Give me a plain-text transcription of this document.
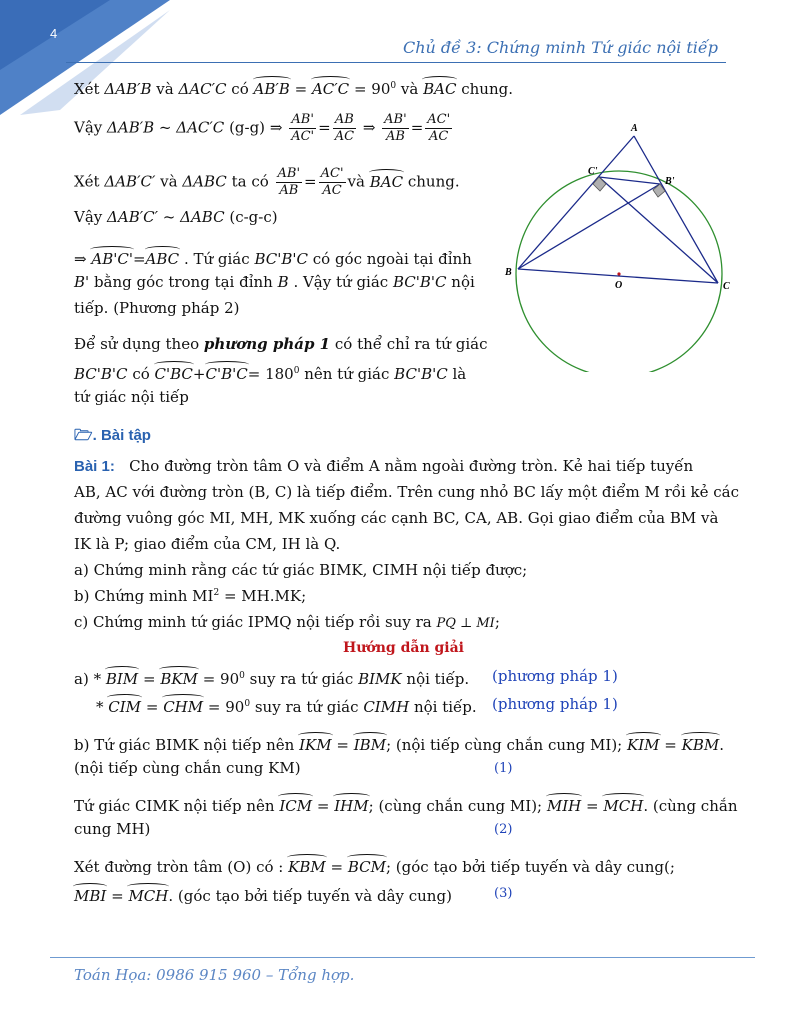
4
Chủ đề 3: Chứng minh Tứ giác nội tiếp
Xét ΔAB′B và ΔAC′C có $AB'B = AC'C = 90^0$ và BAC chung.
Vậy ΔAB′B ~ ΔAC′C (g-g) ⇒ $\frac{AB'}{AC'} = \frac{AB}{AC}$ ⇒ $\frac{AB'}{AB} = \frac{AC'}{AC}$
Xét ΔAB′C′ và ΔABC ta có $\frac{AB'}{AB} = \frac{AC'}{AC}$ và BAC chung.
Vậy ΔAB′C′ ~ ΔABC (c-g-c)
⇒ AB'C'=ABC . Tứ giác BC'B'C có góc ngoài tại đỉnh
B' bằng góc trong tại đỉnh B . Vậy tứ giác BC'B'C nội
tiếp. (Phương pháp 2)
Để sử dụng theo phương pháp 1 có thể chỉ ra tứ giác
BC'B'C có $C'BC+C'B'C= 180^0$ nên tứ giác BC'B'C là
tứ giác nội tiếp
🗁. Bài tập
Bài 1: Cho đường tròn tâm O và điểm A nằm ngoài đường tròn. Kẻ hai tiếp tuyến
AB, AC với đường tròn (B, C) là tiếp điểm. Trên cung nhỏ BC lấy một điểm M rồi kẻ các
đường vuông góc MI, MH, MK xuống các cạnh BC, CA, AB. Gọi giao điểm của BM và
IK là P; giao điểm của CM, IH là Q.
a) Chứng minh rằng các tứ giác BIMK, CIMH nội tiếp được;
b) Chứng minh $MI^2 = MH.MK$;
c) Chứng minh tứ giác IPMQ nội tiếp rồi suy ra PQ ⊥ MI;
Hướng dẫn giải
a) * BIM = BKM = $90^0$ suy ra tứ giác BIMK nội tiếp. (phương pháp 1)
* CIM = CHM = $90^0$ suy ra tứ giác CIMH nội tiếp. (phương pháp 1)
b) Tứ giác BIMK nội tiếp nên IKM = IBM; (nội tiếp cùng chắn cung MI); KIM = KBM.
(nội tiếp cùng chắn cung KM)	(1)
Tứ giác CIMK nội tiếp nên ICM = IHM; (cùng chắn cung MI); MIH = MCH. (cùng chắn
cung MH)	(2)
Xét đường tròn tâm (O) có : KBM = BCM; (góc tạo bởi tiếp tuyến và dây cung(;
MBI = MCH. (góc tạo bởi tiếp tuyến và dây cung)	(3)
A
B
C
O
C'
B'
Toán Họa: 0986 915 960 – Tổng hợp.
